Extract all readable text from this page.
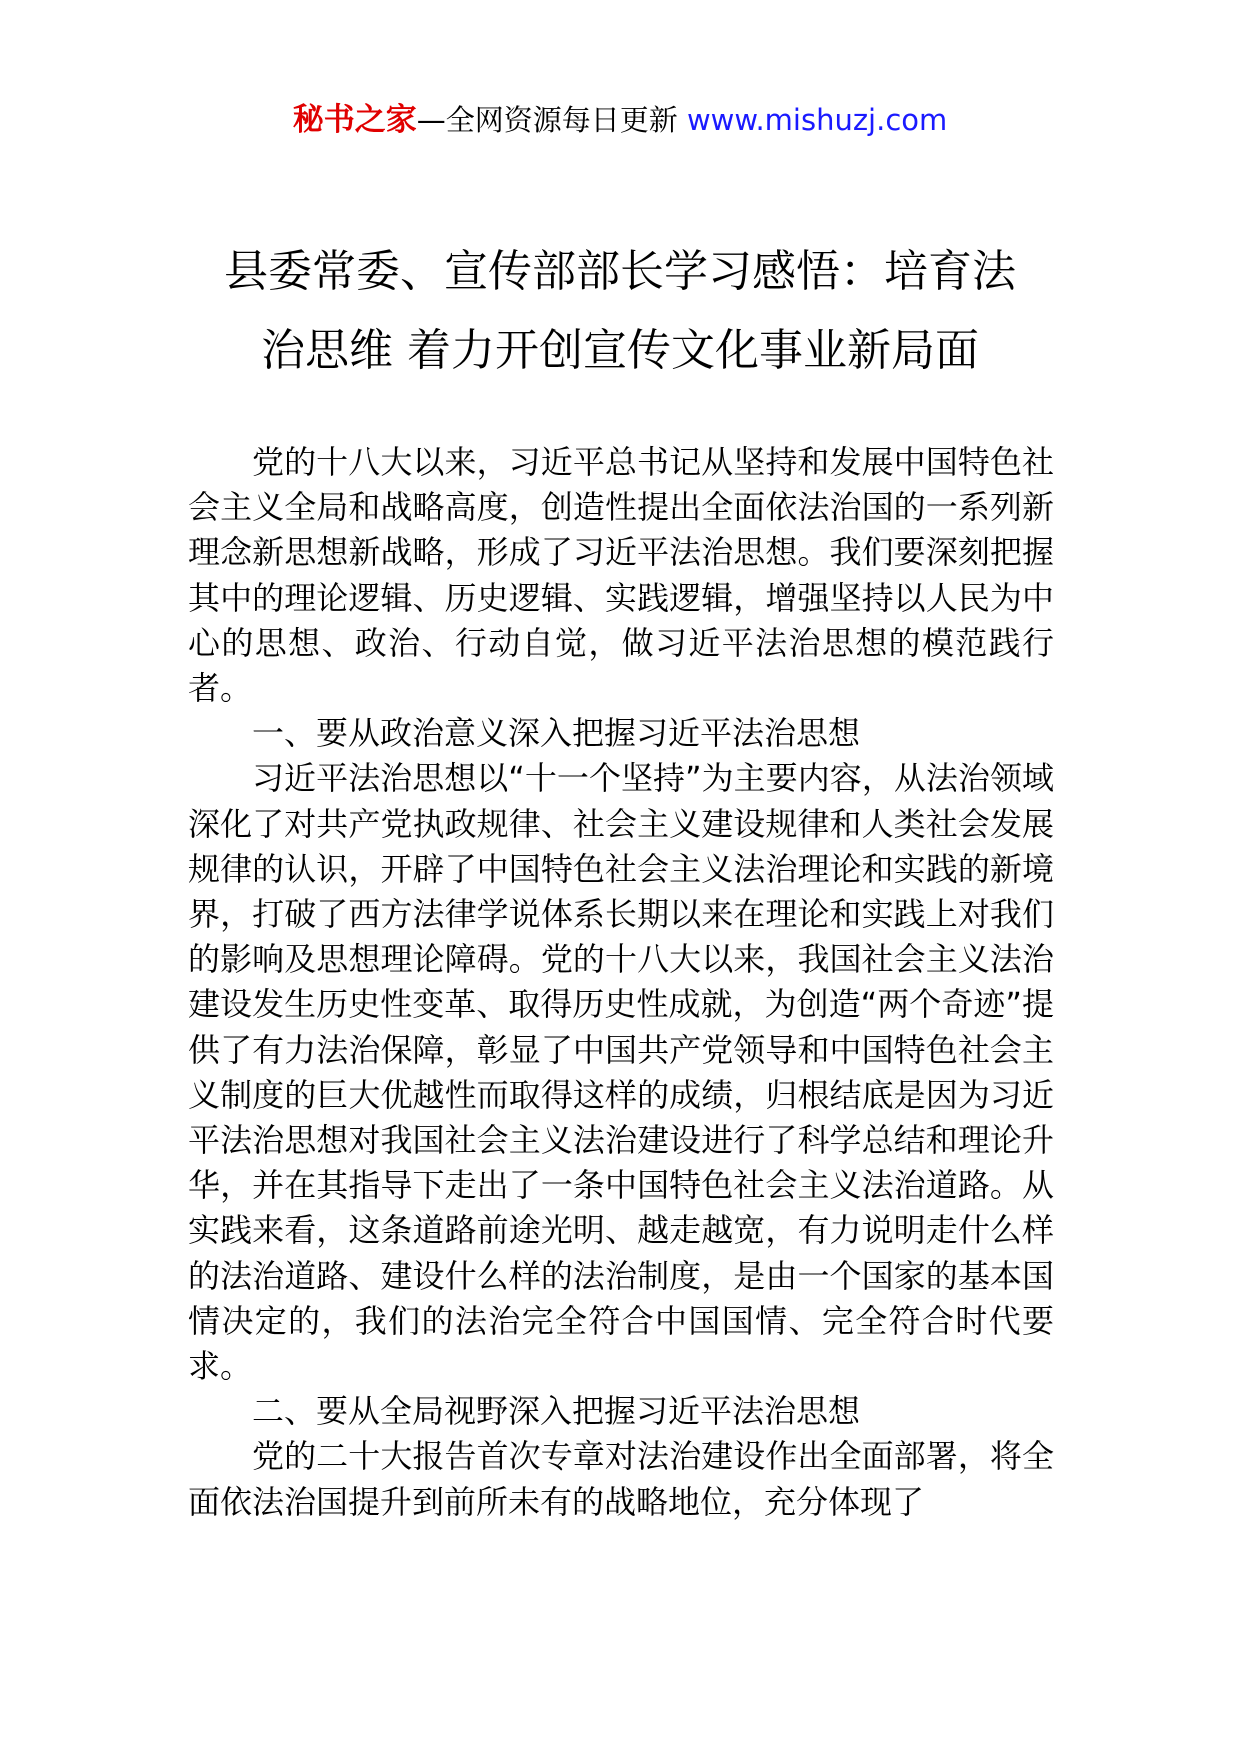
秘书之家—全网资源每日更新 www.mishuzj.com
县委常委、宣传部部长学习感悟：培育法
治思维 着力开创宣传文化事业新局面

党的十八大以来，习近平总书记从坚持和发展中国特色社会主义全局和战略高度，创造性提出全面依法治国的一系列新理念新思想新战略，形成了习近平法治思想。我们要深刻把握其中的理论逻辑、历史逻辑、实践逻辑，增强坚持以人民为中心的思想、政治、行动自觉，做习近平法治思想的模范践行者。

一、要从政治意义深入把握习近平法治思想

习近平法治思想以“十一个坚持”为主要内容，从法治领域深化了对共产党执政规律、社会主义建设规律和人类社会发展规律的认识，开辟了中国特色社会主义法治理论和实践的新境界，打破了西方法律学说体系长期以来在理论和实践上对我们的影响及思想理论障碍。党的十八大以来，我国社会主义法治建设发生历史性变革、取得历史性成就，为创造“两个奇迹”提供了有力法治保障，彰显了中国共产党领导和中国特色社会主义制度的巨大优越性而取得这样的成绩，归根结底是因为习近平法治思想对我国社会主义法治建设进行了科学总结和理论升华，并在其指导下走出了一条中国特色社会主义法治道路。从实践来看，这条道路前途光明、越走越宽，有力说明走什么样的法治道路、建设什么样的法治制度，是由一个国家的基本国情决定的，我们的法治完全符合中国国情、完全符合时代要求。

二、要从全局视野深入把握习近平法治思想

党的二十大报告首次专章对法治建设作出全面部署，将全面依法治国提升到前所未有的战略地位，充分体现了
